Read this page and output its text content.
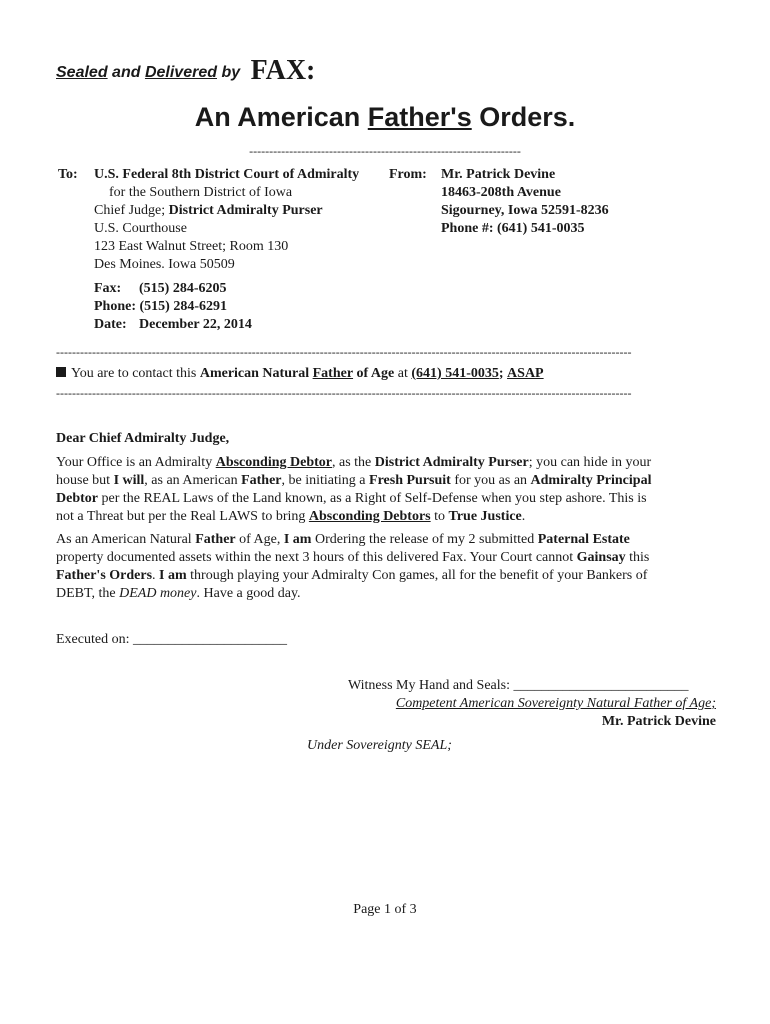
Sealed and Delivered by FAX:
An American Father's Orders.
--------------------------------------------------------------------
To: U.S. Federal 8th District Court of Admiralty
for the Southern District of Iowa
Chief Judge; District Admiralty Purser
U.S. Courthouse
123 East Walnut Street; Room 130
Des Moines. Iowa 50509
From: Mr. Patrick Devine
18463-208th Avenue
Sigourney, Iowa 52591-8236
Phone #: (641) 541-0035
Fax: (515) 284-6205
Phone: (515) 284-6291
Date: December 22, 2014
------------------------------------------------------------------------------------------------------------------------------------------------
You are to contact this American Natural Father of Age at (641) 541-0035; ASAP
------------------------------------------------------------------------------------------------------------------------------------------------
Dear Chief Admiralty Judge,
Your Office is an Admiralty Absconding Debtor, as the District Admiralty Purser; you can hide in your
house but I will, as an American Father, be initiating a Fresh Pursuit for you as an Admiralty Principal
Debtor per the REAL Laws of the Land known, as a Right of Self-Defense when you step ashore. This is
not a Threat but per the Real LAWS to bring Absconding Debtors to True Justice.
As an American Natural Father of Age, I am Ordering the release of my 2 submitted Paternal Estate
property documented assets within the next 3 hours of this delivered Fax. Your Court cannot Gainsay this
Father's Orders. I am through playing your Admiralty Con games, all for the benefit of your Bankers of
DEBT, the DEAD money. Have a good day.
Executed on: ______________________
Witness My Hand and Seals: _________________________
Competent American Sovereignty Natural Father of Age;
Mr. Patrick Devine
Under Sovereignty SEAL;
Page 1 of 3
